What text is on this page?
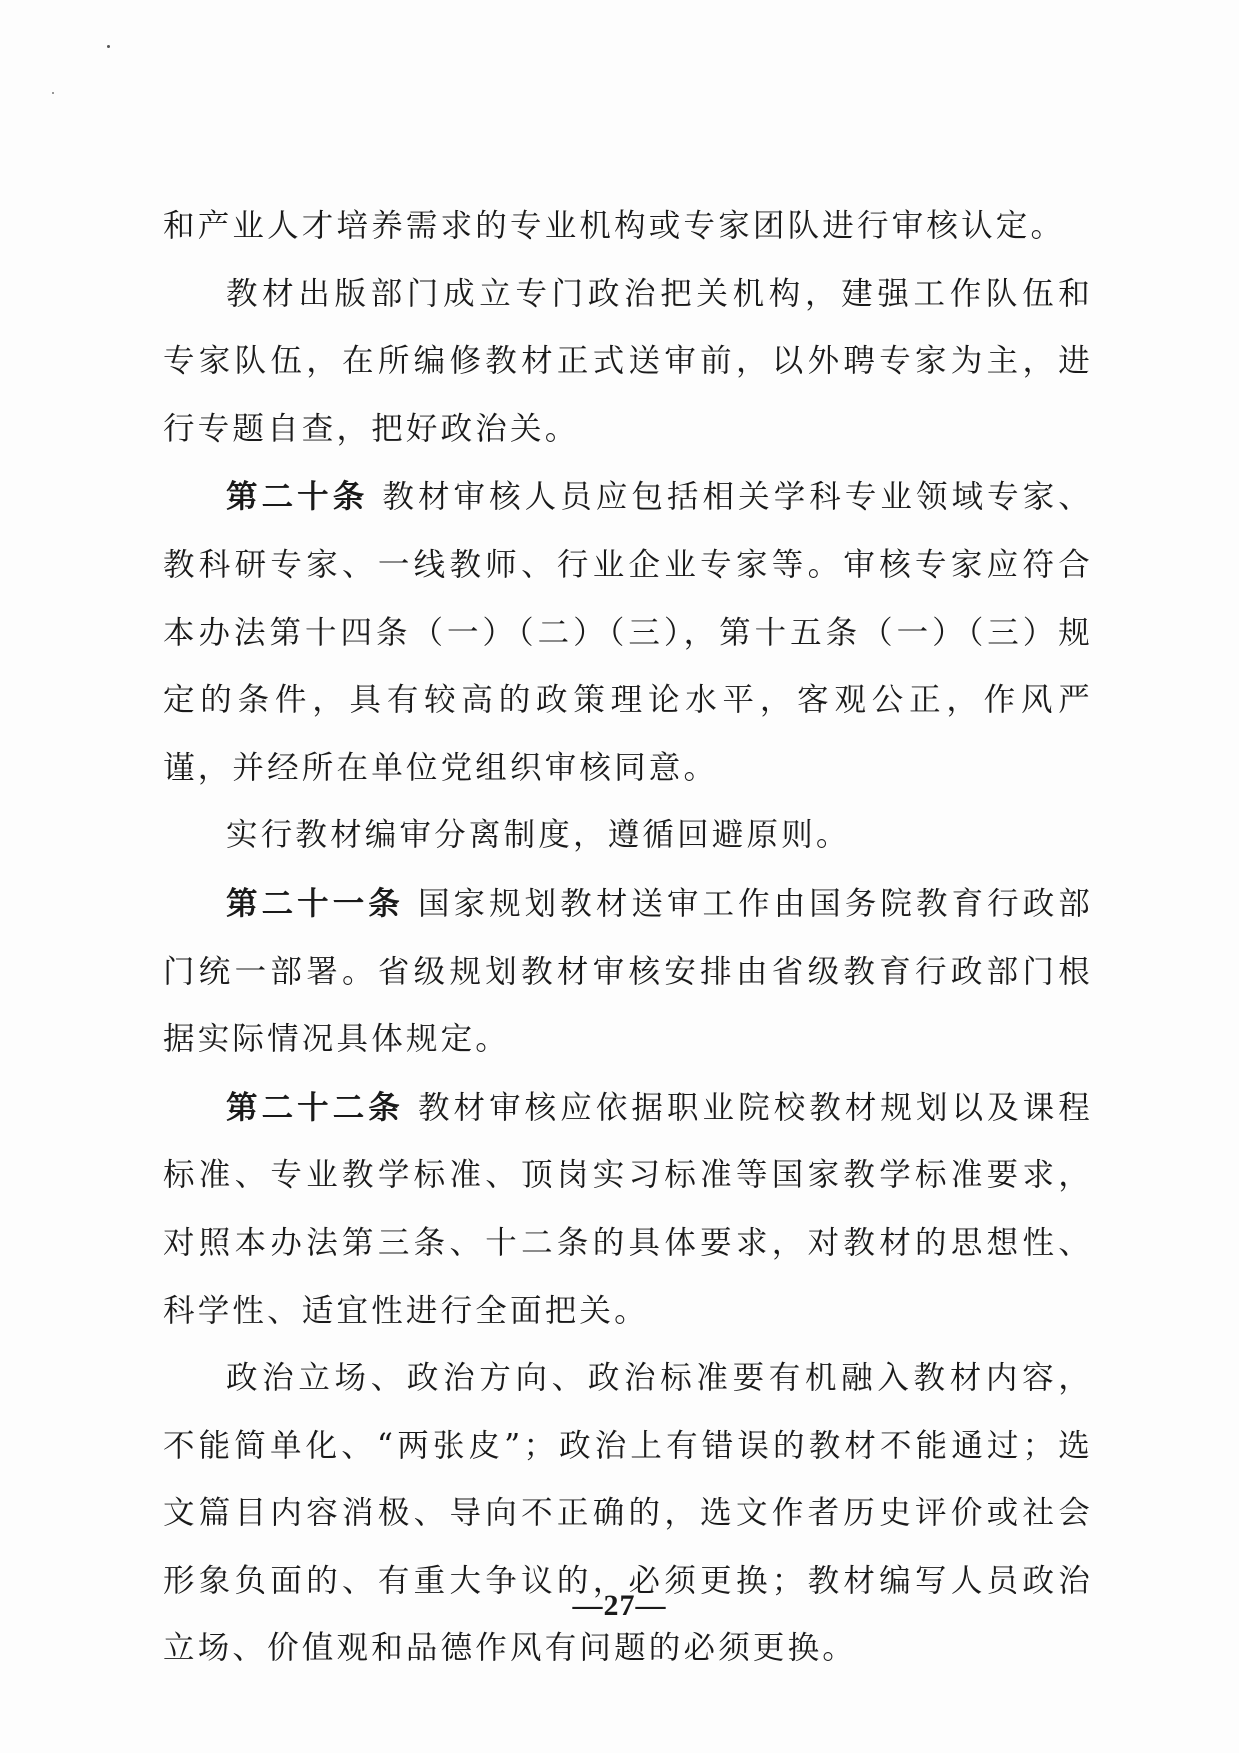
和产业人才培养需求的专业机构或专家团队进行审核认定。

教材出版部门成立专门政治把关机构，建强工作队伍和专家队伍，在所编修教材正式送审前，以外聘专家为主，进行专题自查，把好政治关。

第二十条 教材审核人员应包括相关学科专业领域专家、教科研专家、一线教师、行业企业专家等。审核专家应符合本办法第十四条（一）（二）（三），第十五条（一）（三）规定的条件，具有较高的政策理论水平，客观公正，作风严谨，并经所在单位党组织审核同意。

实行教材编审分离制度，遵循回避原则。

第二十一条 国家规划教材送审工作由国务院教育行政部门统一部署。省级规划教材审核安排由省级教育行政部门根据实际情况具体规定。

第二十二条 教材审核应依据职业院校教材规划以及课程标准、专业教学标准、顶岗实习标准等国家教学标准要求，对照本办法第三条、十二条的具体要求，对教材的思想性、科学性、适宜性进行全面把关。

政治立场、政治方向、政治标准要有机融入教材内容，不能简单化、“两张皮”；政治上有错误的教材不能通过；选文篇目内容消极、导向不正确的，选文作者历史评价或社会形象负面的、有重大争议的，必须更换；教材编写人员政治立场、价值观和品德作风有问题的必须更换。

—27—
